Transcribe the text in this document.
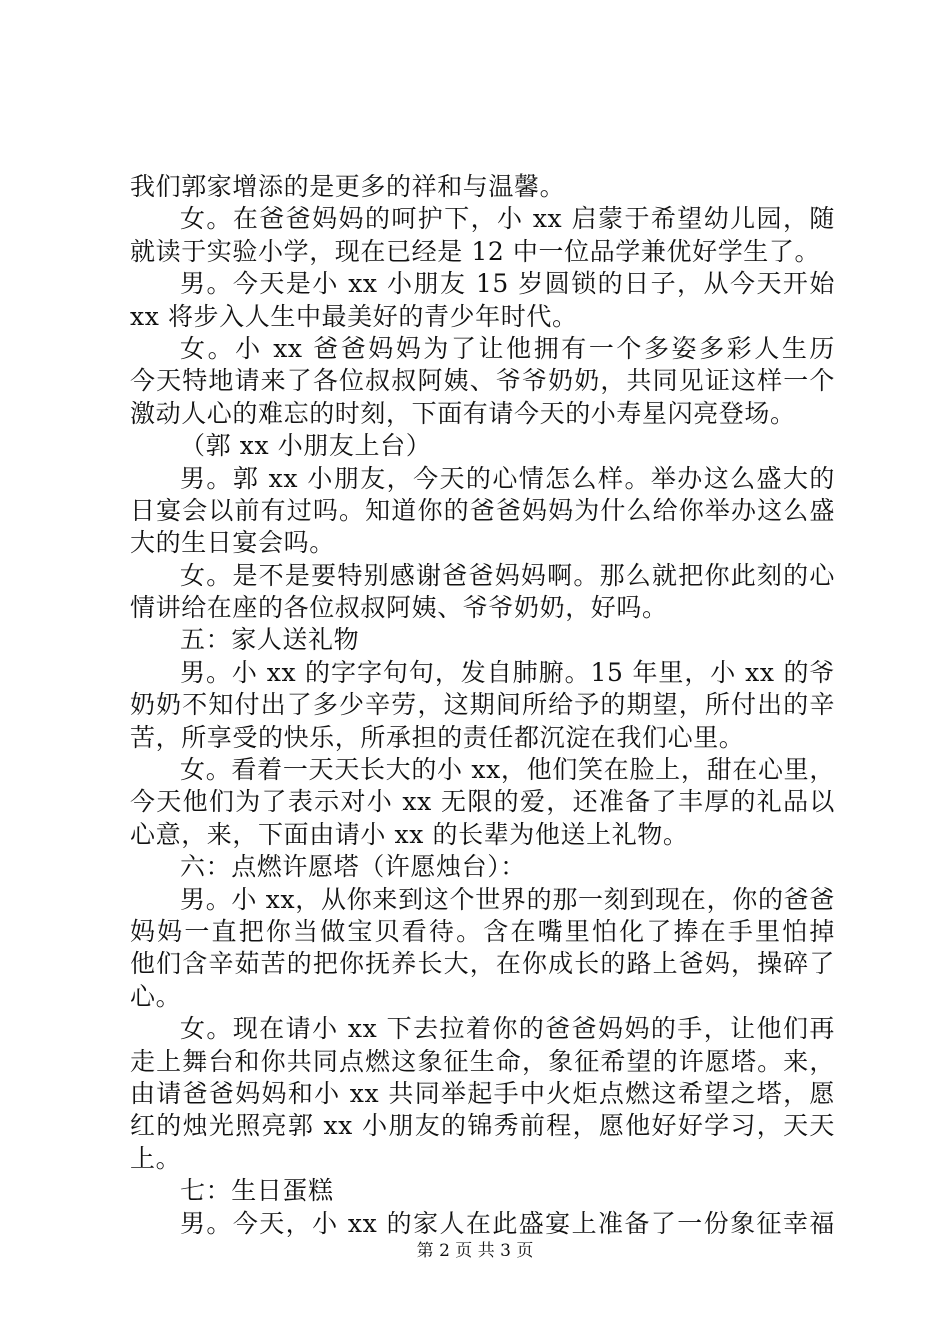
我们郭家增添的是更多的祥和与温馨。
女。在爸爸妈妈的呵护下，小 xx 启蒙于希望幼儿园，随
就读于实验小学，现在已经是 12 中一位品学兼优好学生了。
男。今天是小 xx 小朋友 15 岁圆锁的日子，从今天开始
xx 将步入人生中最美好的青少年时代。
女。小 xx 爸爸妈妈为了让他拥有一个多姿多彩人生历
今天特地请来了各位叔叔阿姨、爷爷奶奶，共同见证这样一个
激动人心的难忘的时刻，下面有请今天的小寿星闪亮登场。
（郭 xx 小朋友上台）
男。郭 xx 小朋友，今天的心情怎么样。举办这么盛大的
日宴会以前有过吗。知道你的爸爸妈妈为什么给你举办这么盛
大的生日宴会吗。
女。是不是要特别感谢爸爸妈妈啊。那么就把你此刻的心
情讲给在座的各位叔叔阿姨、爷爷奶奶，好吗。
五：家人送礼物
男。小 xx 的字字句句，发自肺腑。15 年里，小 xx 的爷
奶奶不知付出了多少辛劳，这期间所给予的期望，所付出的辛
苦，所享受的快乐，所承担的责任都沉淀在我们心里。
女。看着一天天长大的小 xx，他们笑在脸上，甜在心里，
今天他们为了表示对小 xx 无限的爱，还准备了丰厚的礼品以
心意，来，下面由请小 xx 的长辈为他送上礼物。
六：点燃许愿塔（许愿烛台）：
男。小 xx，从你来到这个世界的那一刻到现在，你的爸爸
妈妈一直把你当做宝贝看待。含在嘴里怕化了捧在手里怕掉
他们含辛茹苦的把你抚养长大，在你成长的路上爸妈，操碎了
心。
女。现在请小 xx 下去拉着你的爸爸妈妈的手，让他们再
走上舞台和你共同点燃这象征生命，象征希望的许愿塔。来，
由请爸爸妈妈和小 xx 共同举起手中火炬点燃这希望之塔，愿
红的烛光照亮郭 xx 小朋友的锦秀前程，愿他好好学习，天天
上。
七：生日蛋糕
男。今天，小 xx 的家人在此盛宴上准备了一份象征幸福
第 2 页 共 3 页
